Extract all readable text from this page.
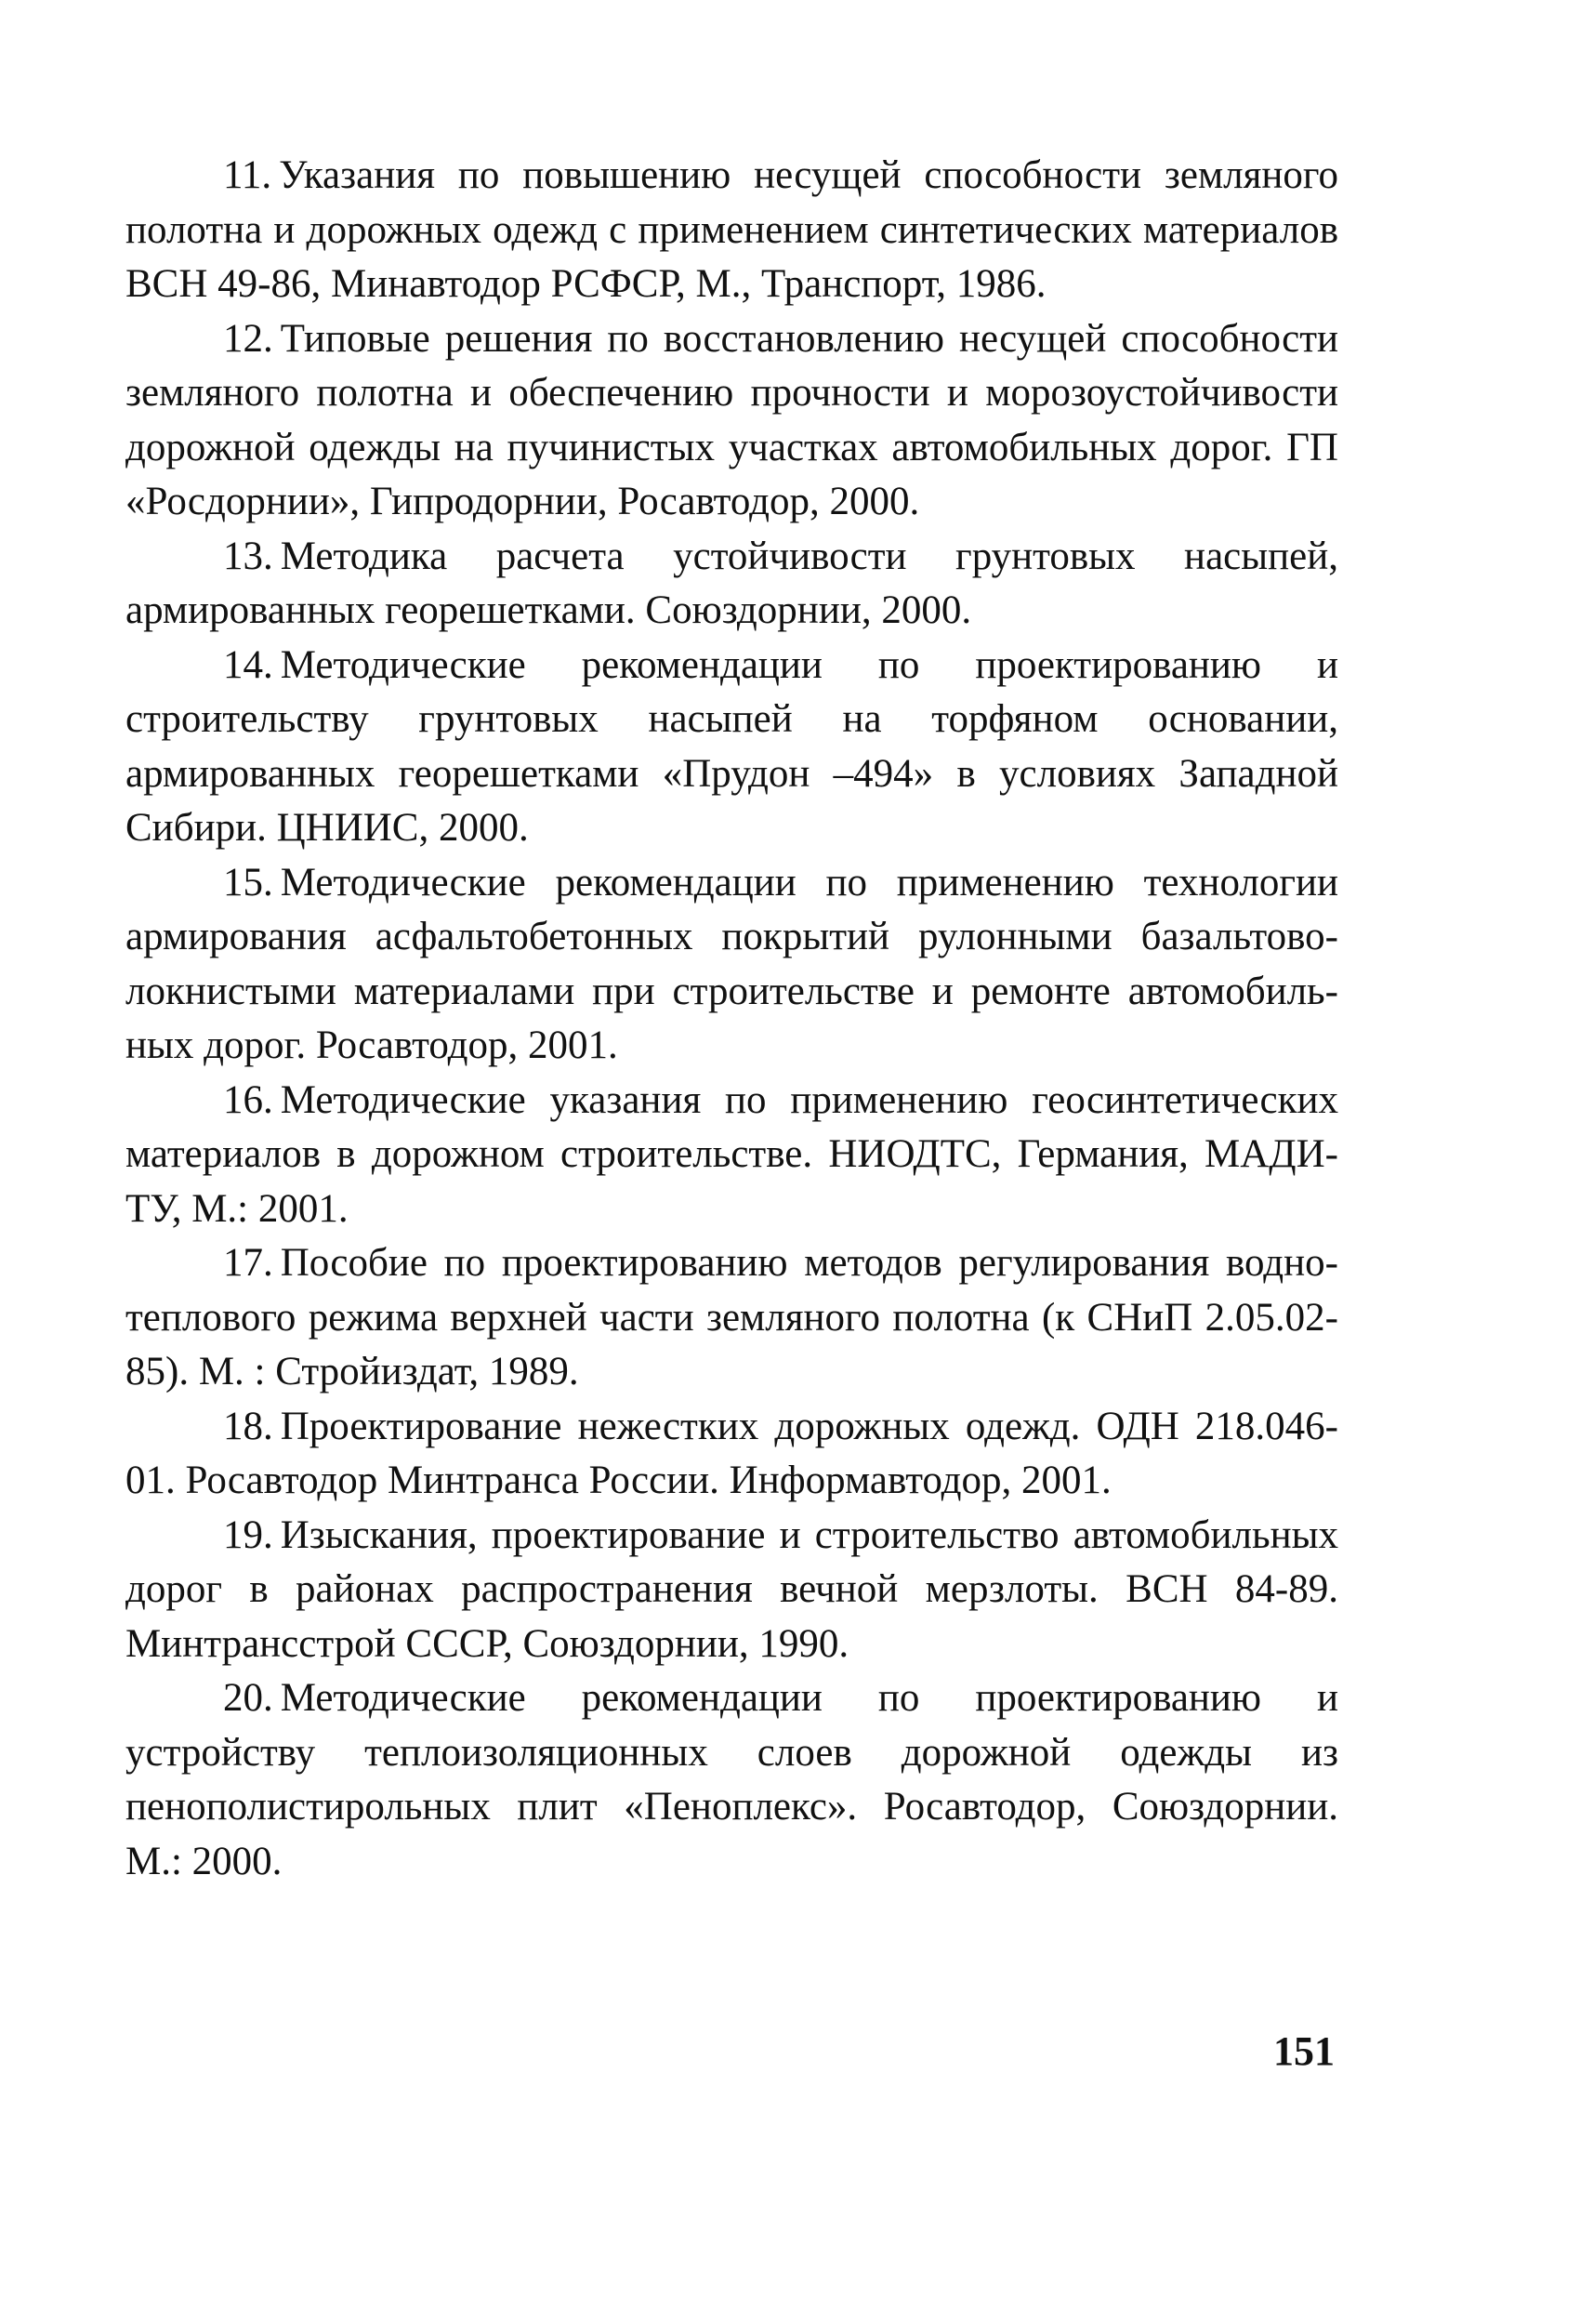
11. Указания по повышению несущей способности земляного полотна и дорожных одежд с применением синтетических материалов ВСН 49-86, Минавтодор РСФСР, М., Транспорт, 1986.

12. Типовые решения по восстановлению несущей способности земляного полотна и обеспечению прочности и морозоустойчивости дорожной одежды на пучинистых участках автомобильных дорог. ГП «Росдорнии», Гипродорнии, Росавтодор, 2000.

13. Методика расчета устойчивости грунтовых насыпей, армированных георешетками. Союздорнии, 2000.

14. Методические рекомендации по проектированию и строительству грунтовых насыпей на торфяном основании, армированных георешетками «Прудон –494» в условиях Западной Сибири. ЦНИИС, 2000.

15. Методические рекомендации по применению технологии армирования асфальтобетонных покрытий рулонными базальтоволокнистыми материалами при строительстве и ремонте автомобильных дорог. Росавтодор, 2001.

16. Методические указания по применению геосинтетических материалов в дорожном строительстве. НИОДТС, Германия, МАДИ-ТУ, М.: 2001.

17. Пособие по проектированию методов регулирования водно-теплового режима верхней части земляного полотна (к СНиП 2.05.02-85). М. : Стройиздат, 1989.

18. Проектирование нежестких дорожных одежд. ОДН 218.046-01. Росавтодор Минтранса России. Информавтодор, 2001.

19. Изыскания, проектирование и строительство автомобильных дорог в районах распространения вечной мерзлоты. ВСН 84-89. Минтрансстрой СССР, Союздорнии, 1990.

20. Методические рекомендации по проектированию и устройству теплоизоляционных слоев дорожной одежды из пенополистирольных плит «Пеноплекс». Росавтодор, Союздорнии. М.: 2000.

151
